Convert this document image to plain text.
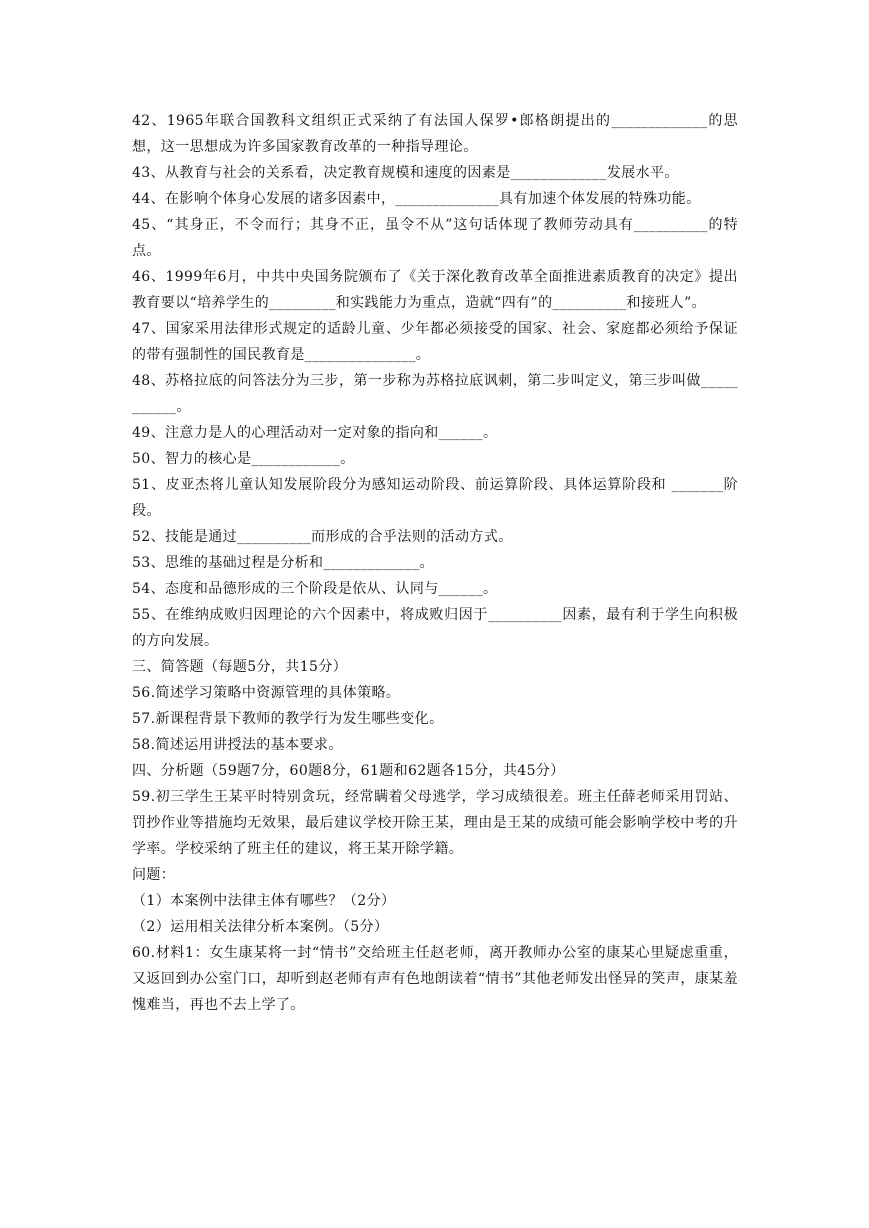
42、1965年联合国教科文组织正式采纳了有法国人保罗•郎格朗提出的_____________的思想，这一思想成为许多国家教育改革的一种指导理论。

43、从教育与社会的关系看，决定教育规模和速度的因素是_____________发展水平。

44、在影响个体身心发展的诸多因素中，______________具有加速个体发展的特殊功能。

45、“其身正，不令而行；其身不正，虽令不从”这句话体现了教师劳动具有__________的特点。

46、1999年6月，中共中央国务院颁布了《关于深化教育改革全面推进素质教育的决定》提出教育要以“培养学生的_________和实践能力为重点，造就“四有”的__________和接班人”。

47、国家采用法律形式规定的适龄儿童、少年都必须接受的国家、社会、家庭都必须给予保证的带有强制性的国民教育是_______________。

48、苏格拉底的问答法分为三步，第一步称为苏格拉底讽刺，第二步叫定义，第三步叫做___________。

49、注意力是人的心理活动对一定对象的指向和______。

50、智力的核心是____________。

51、皮亚杰将儿童认知发展阶段分为感知运动阶段、前运算阶段、具体运算阶段和 _______阶段。

52、技能是通过__________而形成的合乎法则的活动方式。

53、思维的基础过程是分析和_____________。

54、态度和品德形成的三个阶段是依从、认同与______。

55、在维纳成败归因理论的六个因素中，将成败归因于__________因素，最有利于学生向积极的方向发展。

三、简答题（每题5分，共15分）

56.简述学习策略中资源管理的具体策略。

57.新课程背景下教师的教学行为发生哪些变化。

58.简述运用讲授法的基本要求。

四、分析题（59题7分，60题8分，61题和62题各15分，共45分）

59.初三学生王某平时特别贪玩，经常瞒着父母逃学，学习成绩很差。班主任薛老师采用罚站、罚抄作业等措施均无效果，最后建议学校开除王某，理由是王某的成绩可能会影响学校中考的升学率。学校采纳了班主任的建议，将王某开除学籍。

问题：

（1）本案例中法律主体有哪些？（2分）

（2）运用相关法律分析本案例。（5分）

60.材料1：女生康某将一封“情书”交给班主任赵老师，离开教师办公室的康某心里疑虑重重，又返回到办公室门口，却听到赵老师有声有色地朗读着“情书”其他老师发出怪异的笑声，康某羞愧难当，再也不去上学了。
